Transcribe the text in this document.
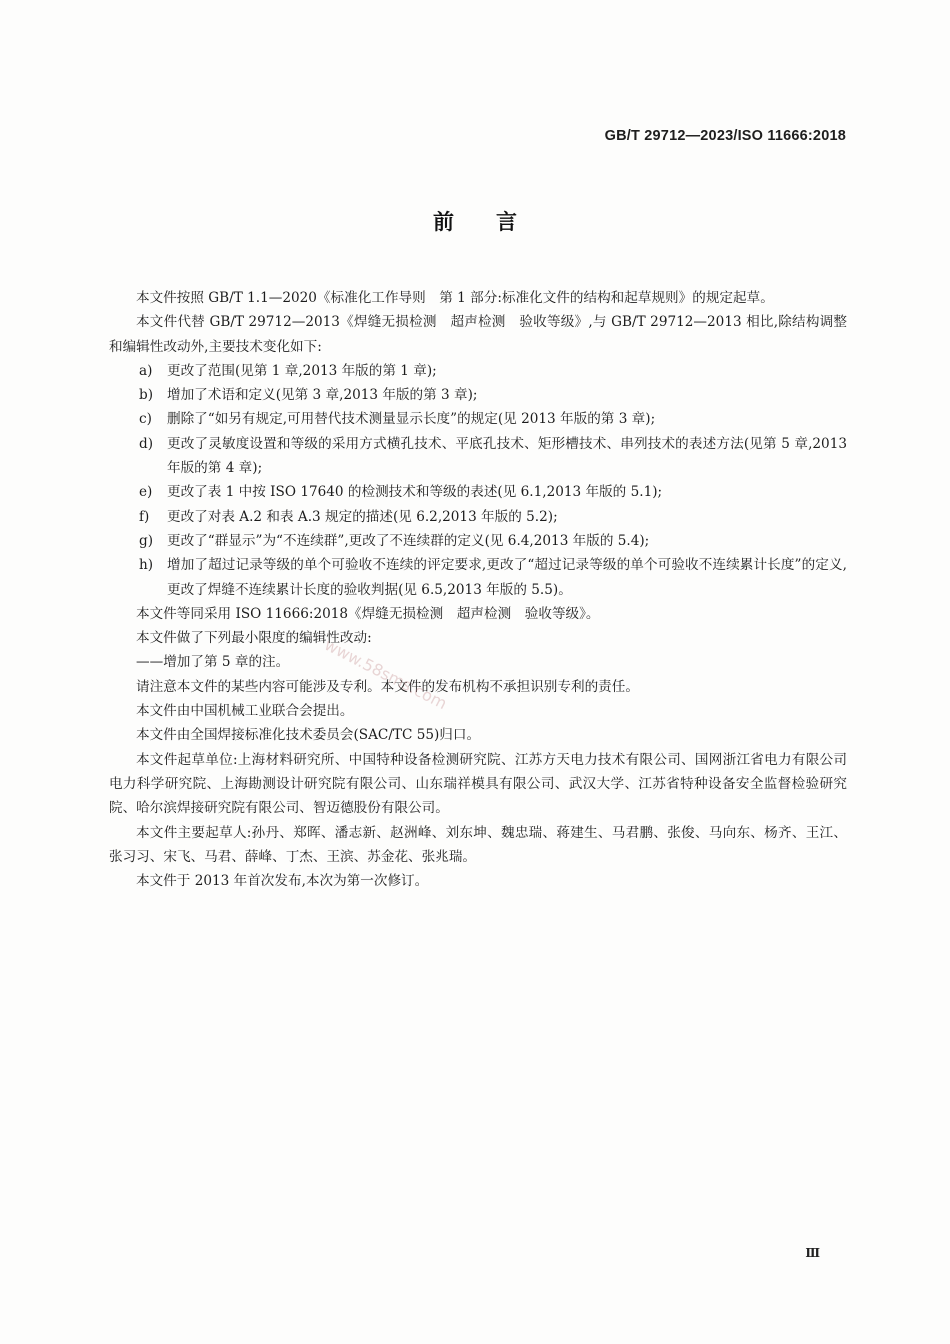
GB/T 29712—2023/ISO 11666:2018
前言

本文件按照 GB/T 1.1—2020《标准化工作导则　第 1 部分:标准化文件的结构和起草规则》的规定起草。

本文件代替 GB/T 29712—2013《焊缝无损检测　超声检测　验收等级》,与 GB/T 29712—2013 相比,除结构调整和编辑性改动外,主要技术变化如下:

a) 更改了范围(见第 1 章,2013 年版的第 1 章);

b) 增加了术语和定义(见第 3 章,2013 年版的第 3 章);

c) 删除了“如另有规定,可用替代技术测量显示长度”的规定(见 2013 年版的第 3 章);

d) 更改了灵敏度设置和等级的采用方式横孔技术、平底孔技术、矩形槽技术、串列技术的表述方法(见第 5 章,2013 年版的第 4 章);

e) 更改了表 1 中按 ISO 17640 的检测技术和等级的表述(见 6.1,2013 年版的 5.1);

f) 更改了对表 A.2 和表 A.3 规定的描述(见 6.2,2013 年版的 5.2);

g) 更改了“群显示”为“不连续群”,更改了不连续群的定义(见 6.4,2013 年版的 5.4);

h) 增加了超过记录等级的单个可验收不连续的评定要求,更改了“超过记录等级的单个可验收不连续累计长度”的定义,更改了焊缝不连续累计长度的验收判据(见 6.5,2013 年版的 5.5)。

本文件等同采用 ISO 11666:2018《焊缝无损检测　超声检测　验收等级》。

本文件做了下列最小限度的编辑性改动:

——增加了第 5 章的注。

请注意本文件的某些内容可能涉及专利。本文件的发布机构不承担识别专利的责任。

本文件由中国机械工业联合会提出。

本文件由全国焊接标准化技术委员会(SAC/TC 55)归口。

本文件起草单位:上海材料研究所、中国特种设备检测研究院、江苏方天电力技术有限公司、国网浙江省电力有限公司电力科学研究院、上海勘测设计研究院有限公司、山东瑞祥模具有限公司、武汉大学、江苏省特种设备安全监督检验研究院、哈尔滨焊接研究院有限公司、智迈德股份有限公司。

本文件主要起草人:孙丹、郑晖、潘志新、赵洲峰、刘东坤、魏忠瑞、蒋建生、马君鹏、张俊、马向东、杨齐、王江、张习习、宋飞、马君、薛峰、丁杰、王滨、苏金花、张兆瑞。

本文件于 2013 年首次发布,本次为第一次修订。

www.58sms.com
Ⅲ
